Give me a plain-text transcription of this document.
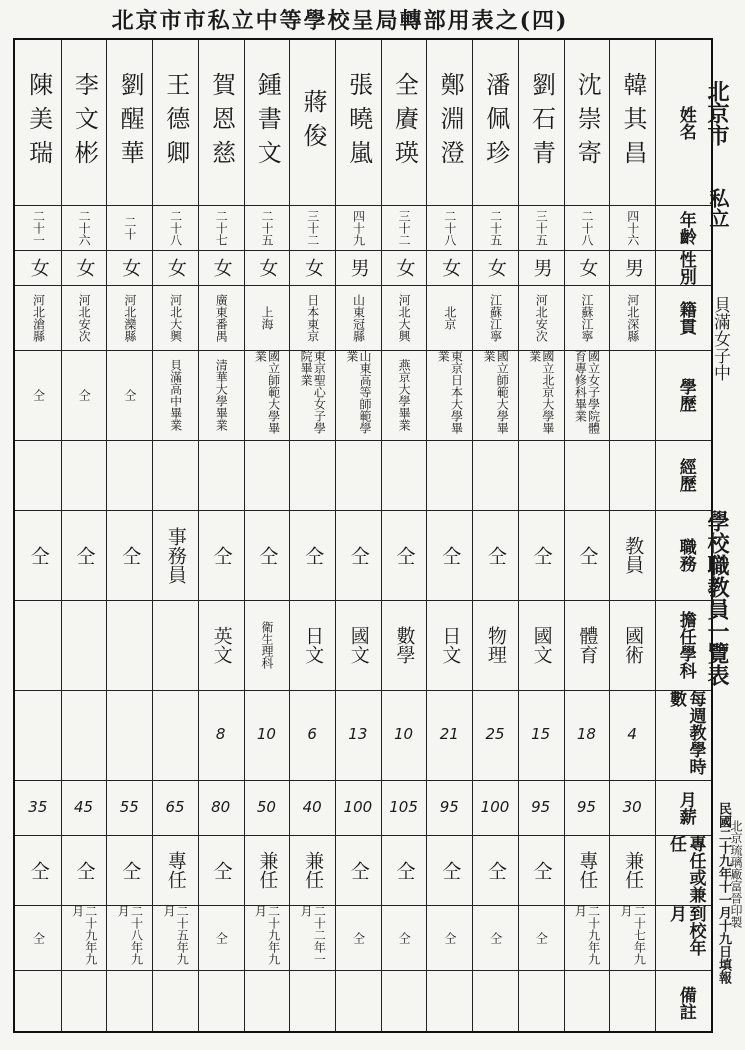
北京市市私立中等學校呈局轉部用表之(四)
姓名
年齡
性別
籍貫
學歷
經歷
職務
擔任學科
每週教學時數
月薪
專任或兼任
到校年月
備註
韓其昌
四十六
男
河北深縣
教員
國術
4
30
兼任
二十七年九月
沈崇寄
二十八
女
江蘇江寧
國立女子學院體育專修科畢業
仝
體育
18
95
專任
二十九年九月
劉石青
三十五
男
河北安次
國立北京大學畢業
仝
國文
15
95
仝
仝
潘佩珍
二十五
女
江蘇江寧
國立師範大學畢業
仝
物理
25
100
仝
仝
鄭淵澄
二十八
女
北京
東京日本大學畢業
仝
日文
21
95
仝
仝
全賡瑛
三十二
女
河北大興
燕京大學畢業
仝
數學
10
105
仝
仝
張曉嵐
四十九
男
山東冠縣
山東高等師範學業
仝
國文
13
100
仝
仝
蔣俊
三十二
女
日本東京
東京聖心女子學院畢業
仝
日文
6
40
兼任
二十二年一月
鍾書文
二十五
女
上海
國立師範大學畢業
仝
衛生理科
10
50
兼任
二十九年九月
賀恩慈
二十七
女
廣東番禺
清華大學畢業
仝
英文
8
80
仝
仝
王德卿
二十八
女
河北大興
貝滿高中畢業
事務員
65
專任
二十五年九月
劉醒華
二十
女
河北灤縣
仝
仝
55
仝
二十八年九月
李文彬
二十六
女
河北安次
仝
仝
45
仝
二十九年九月
陳美瑞
二十一
女
河北滄縣
仝
仝
35
仝
仝
北京市
私立
貝滿女子中
學校職教員一覽表
民國二十九年十一月十九日填報
北京琉璃廠富晉印製
